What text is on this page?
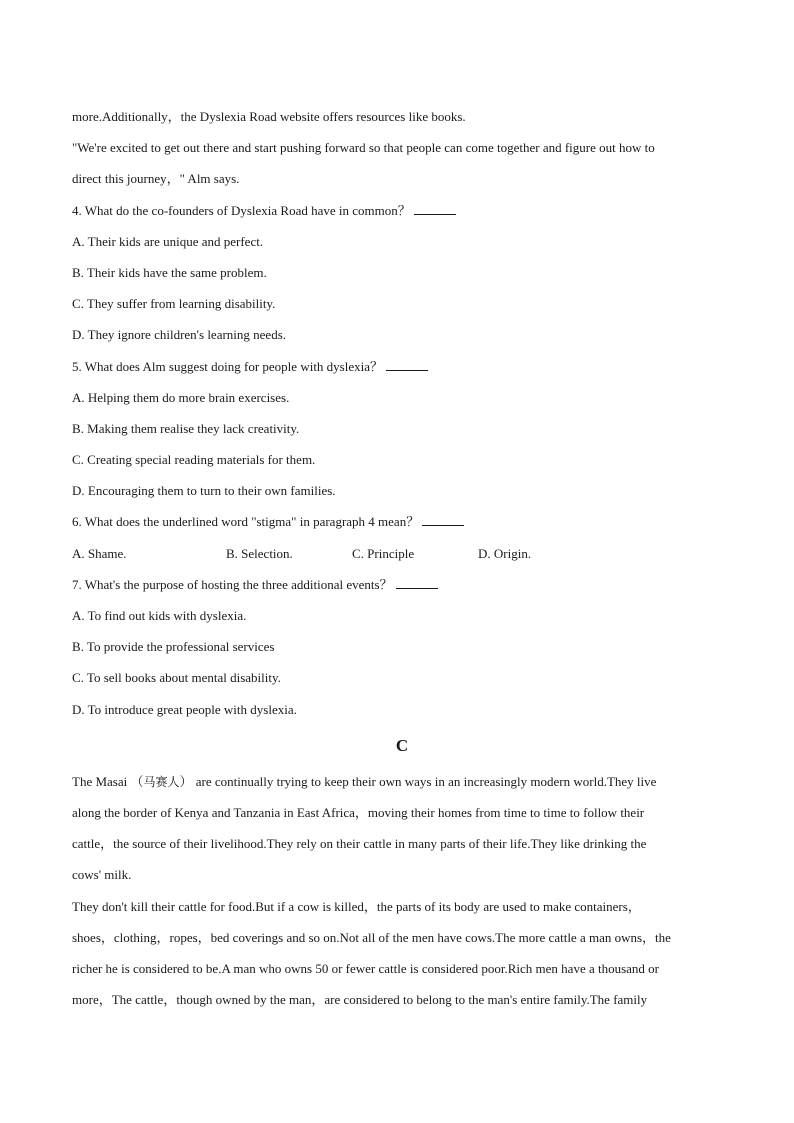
more.Additionally，the Dyslexia Road website offers resources like books.
"We're excited to get out there and start pushing forward so that people can come together and figure out how to
direct this journey，" Alm says.
4. What do the co-founders of Dyslexia Road have in common？
A. Their kids are unique and perfect.
B. Their kids have the same problem.
C. They suffer from learning disability.
D. They ignore children's learning needs.
5. What does Alm suggest doing for people with dyslexia？
A. Helping them do more brain exercises.
B. Making them realise they lack creativity.
C. Creating special reading materials for them.
D. Encouraging them to turn to their own families.
6. What does the underlined word "stigma" in paragraph 4 mean？
A. Shame.	B. Selection.	C. Principle	D. Origin.
7. What's the purpose of hosting the three additional events？
A. To find out kids with dyslexia.
B. To provide the professional services
C. To sell books about mental disability.
D. To introduce great people with dyslexia.
C
The Masai （马赛人） are continually trying to keep their own ways in an increasingly modern world.They live
along the border of Kenya and Tanzania in East Africa，moving their homes from time to time to follow their
cattle，the source of their livelihood.They rely on their cattle in many parts of their life.They like drinking the
cows' milk.
They don't kill their cattle for food.But if a cow is killed，the parts of its body are used to make containers，
shoes，clothing，ropes，bed coverings and so on.Not all of the men have cows.The more cattle a man owns，the
richer he is considered to be.A man who owns 50 or fewer cattle is considered poor.Rich men have a thousand or
more，The cattle，though owned by the man，are considered to belong to the man's entire family.The family
